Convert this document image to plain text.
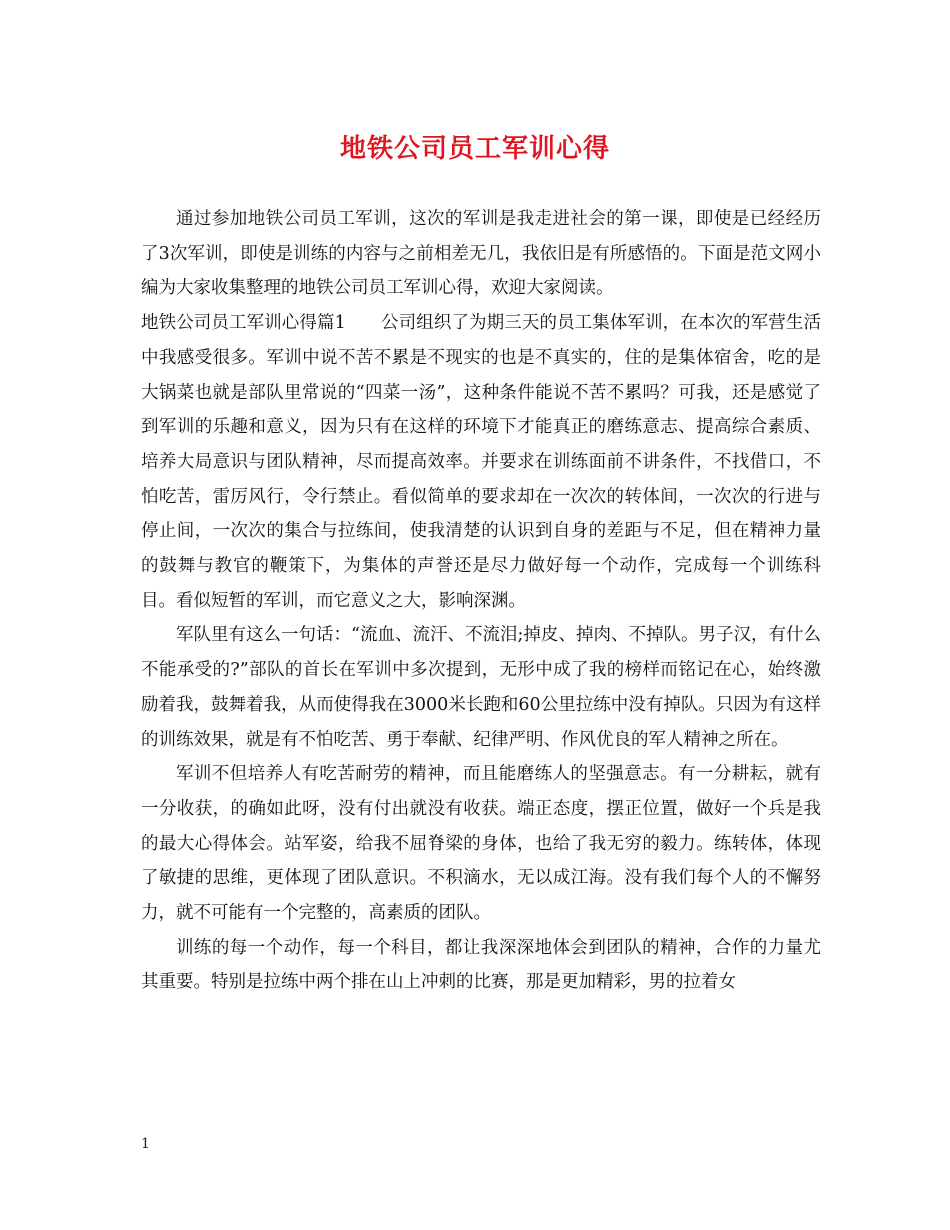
地铁公司员工军训心得

通过参加地铁公司员工军训，这次的军训是我走进社会的第一课，即使是已经经历了3次军训，即使是训练的内容与之前相差无几，我依旧是有所感悟的。下面是范文网小编为大家收集整理的地铁公司员工军训心得，欢迎大家阅读。

地铁公司员工军训心得篇1　　公司组织了为期三天的员工集体军训，在本次的军营生活中我感受很多。军训中说不苦不累是不现实的也是不真实的，住的是集体宿舍，吃的是大锅菜也就是部队里常说的“四菜一汤”，这种条件能说不苦不累吗？可我，还是感觉了到军训的乐趣和意义，因为只有在这样的环境下才能真正的磨练意志、提高综合素质、培养大局意识与团队精神，尽而提高效率。并要求在训练面前不讲条件，不找借口，不怕吃苦，雷厉风行，令行禁止。看似简单的要求却在一次次的转体间，一次次的行进与停止间，一次次的集合与拉练间，使我清楚的认识到自身的差距与不足，但在精神力量的鼓舞与教官的鞭策下，为集体的声誉还是尽力做好每一个动作，完成每一个训练科目。看似短暂的军训，而它意义之大，影响深渊。

军队里有这么一句话：“流血、流汗、不流泪;掉皮、掉肉、不掉队。男子汉，有什么不能承受的?”部队的首长在军训中多次提到，无形中成了我的榜样而铭记在心，始终激励着我，鼓舞着我，从而使得我在3000米长跑和60公里拉练中没有掉队。只因为有这样的训练效果，就是有不怕吃苦、勇于奉献、纪律严明、作风优良的军人精神之所在。

军训不但培养人有吃苦耐劳的精神，而且能磨练人的坚强意志。有一分耕耘，就有一分收获，的确如此呀，没有付出就没有收获。端正态度，摆正位置，做好一个兵是我的最大心得体会。站军姿，给我不屈脊梁的身体，也给了我无穷的毅力。练转体，体现了敏捷的思维，更体现了团队意识。不积滴水，无以成江海。没有我们每个人的不懈努力，就不可能有一个完整的，高素质的团队。

训练的每一个动作，每一个科目，都让我深深地体会到团队的精神，合作的力量尤其重要。特别是拉练中两个排在山上冲刺的比赛，那是更加精彩，男的拉着女

1
